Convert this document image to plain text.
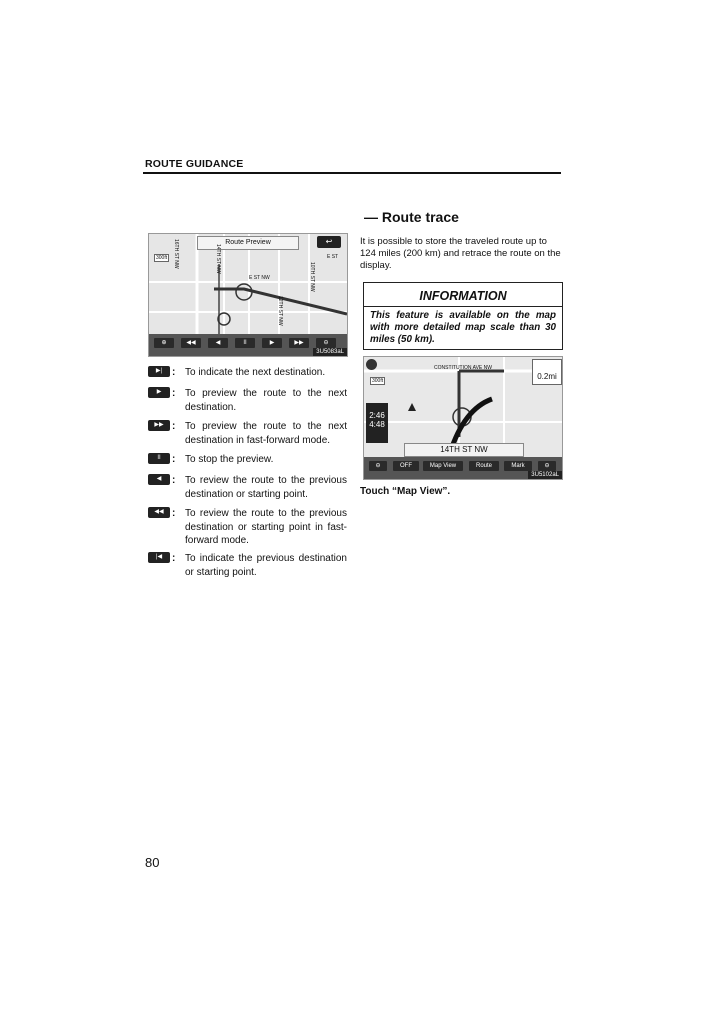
ROUTE GUIDANCE
Route Preview	↩
300ft	16TH ST NW	14TH ST NW
E ST NW
12TH ST NW
10TH ST NW
E ST
⊕	◀◀	◀	II	▶	▶▶	⊖
3U5083aL
▶| : To indicate the next destination.
▶	: To preview the route to the next destination.
▶▶ : To preview the route to the next destination in fast-forward mode.
II	: To stop the preview.
◀	: To review the route to the previous destination or starting point.
◀◀ : To review the route to the previous destination or starting point in fast-forward mode.
|◀ : To indicate the previous destination or starting point.
— Route trace
It is possible to store the traveled route up to 124 miles (200 km) and retrace the route on the display.
INFORMATION
This feature is available on the map with more detailed map scale than 30 miles (50 km).
CONSTITUTION AVE NW
0.2mi
300ft
2:46
4:48
14TH ST NW
⊖	OFF	Map View	Route	Mark	⊖
3U5102aL
Touch “Map View”.
80
